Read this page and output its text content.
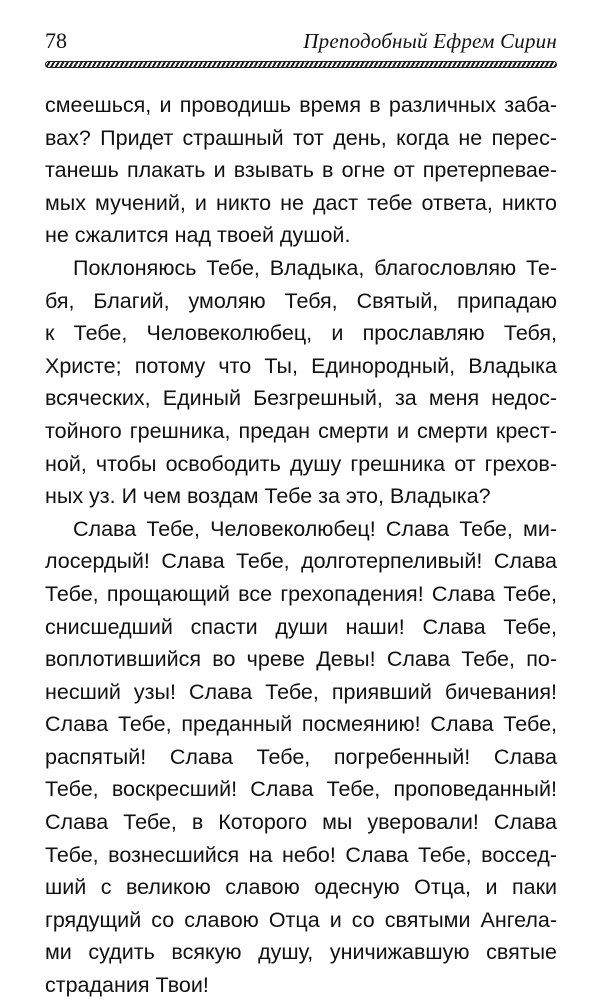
78	Преподобный Ефрем Сирин
смеешься, и проводишь время в различных заба-
вах? Придет страшный тот день, когда не перес-
танешь плакать и взывать в огне от претерпевае-
мых мучений, и никто не даст тебе ответа, никто
не сжалится над твоей душой.
Поклоняюсь Тебе, Владыка, благословляю Те-
бя, Благий, умоляю Тебя, Святый, припадаю
к Тебе, Человеколюбец, и прославляю Тебя,
Христе; потому что Ты, Единородный, Владыка
всяческих, Единый Безгрешный, за меня недос-
тойного грешника, предан смерти и смерти крест-
ной, чтобы освободить душу грешника от грехов-
ных уз. И чем воздам Тебе за это, Владыка?
Слава Тебе, Человеколюбец! Слава Тебе, ми-
лосердый! Слава Тебе, долготерпеливый! Слава
Тебе, прощающий все грехопадения! Слава Тебе,
снисшедший спасти души наши! Слава Тебе,
воплотившийся во чреве Девы! Слава Тебе, по-
несший узы! Слава Тебе, приявший бичевания!
Слава Тебе, преданный посмеянию! Слава Тебе,
распятый! Слава Тебе, погребенный! Слава
Тебе, воскресший! Слава Тебе, проповеданный!
Слава Тебе, в Которого мы уверовали! Слава
Тебе, вознесшийся на небо! Слава Тебе, воссед-
ший с великою славою одесную Отца, и паки
грядущий со славою Отца и со святыми Ангела-
ми судить всякую душу, уничижавшую святые
страдания Твои!
